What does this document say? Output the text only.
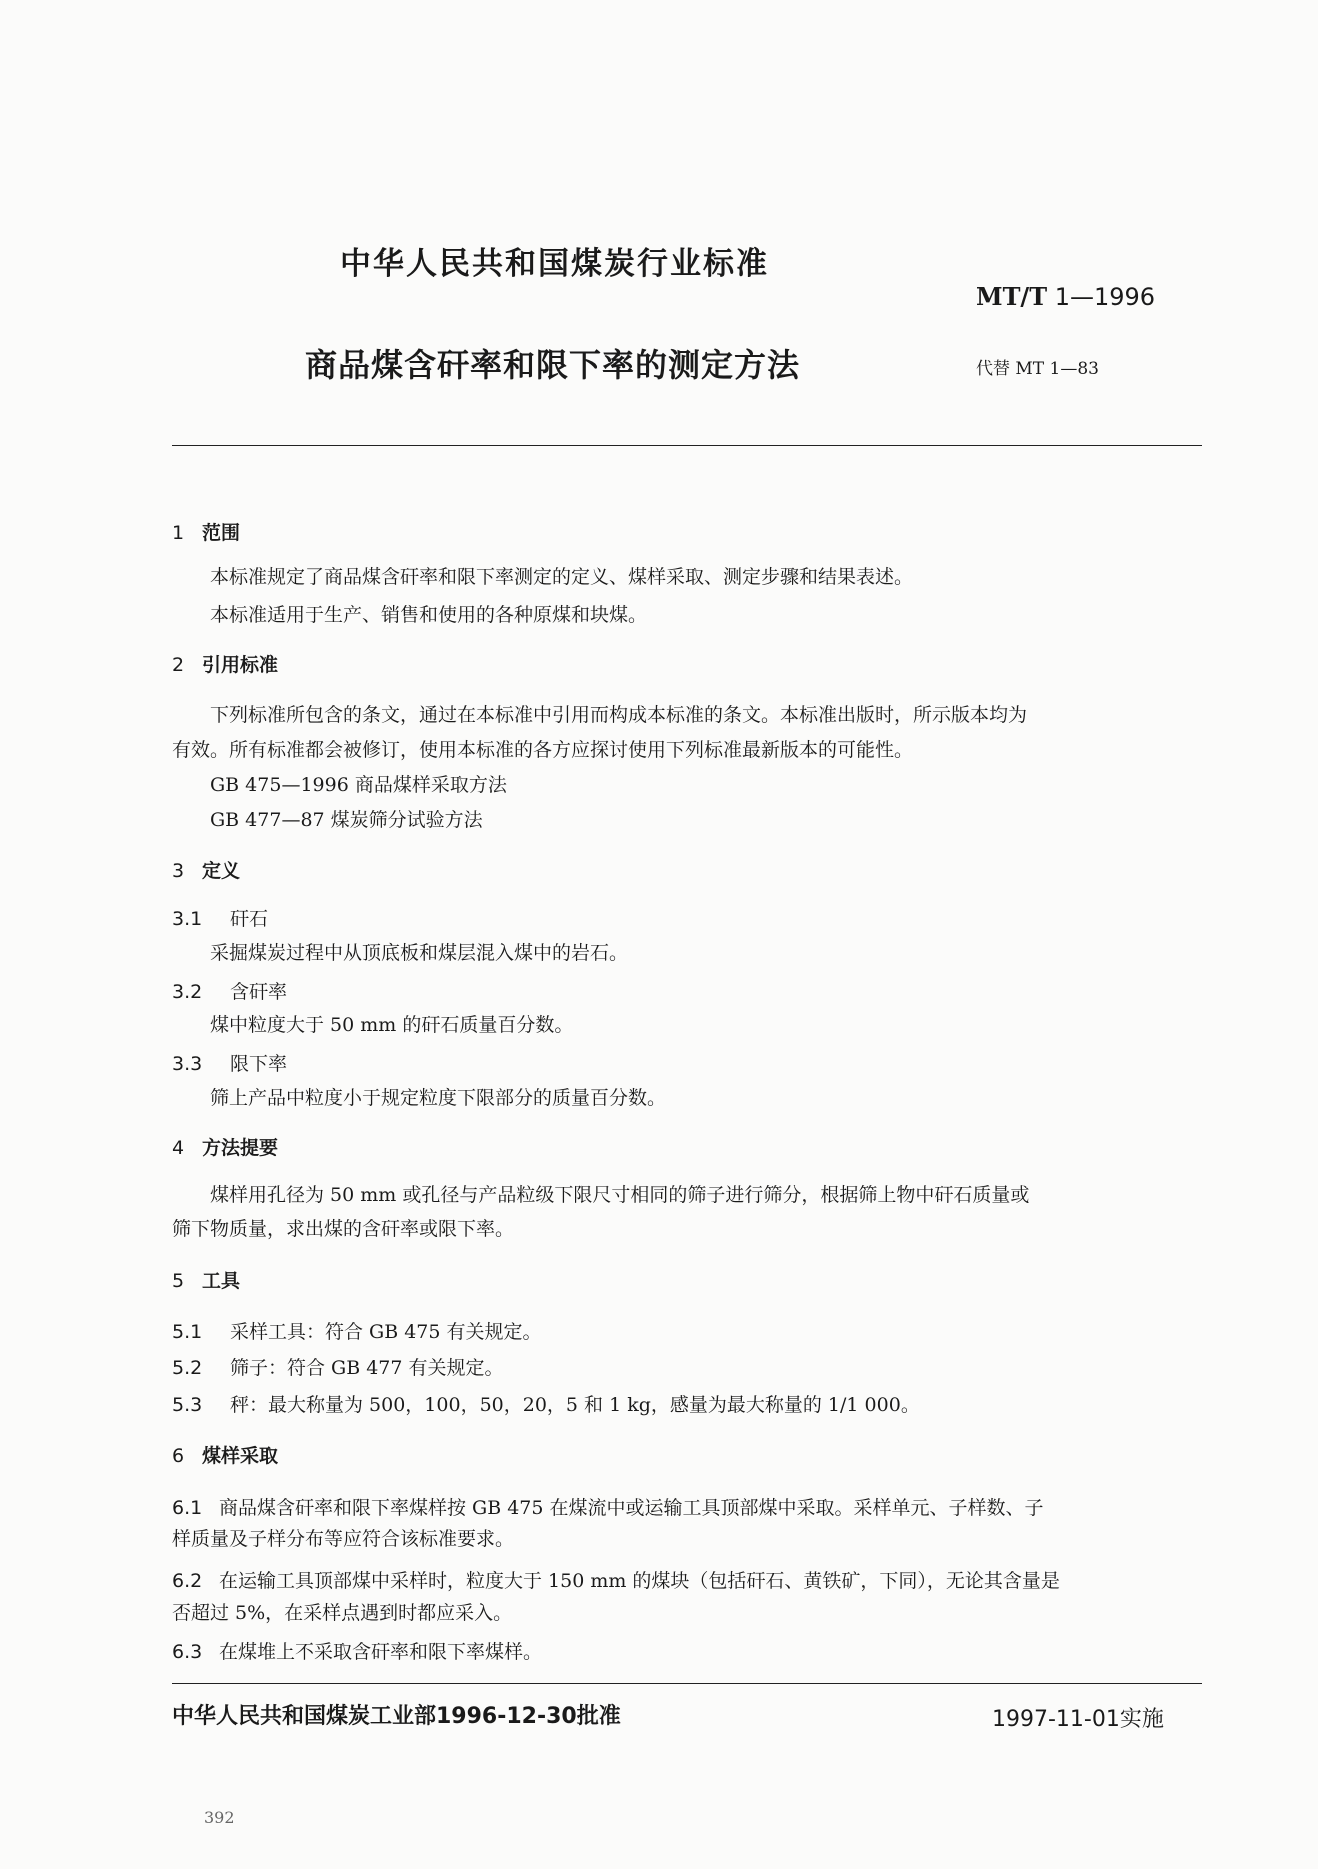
中华人民共和国煤炭行业标准
MT/T 1—1996
商品煤含矸率和限下率的测定方法	代替 MT 1—83
1 范围
本标准规定了商品煤含矸率和限下率测定的定义、煤样采取、测定步骤和结果表述。
本标准适用于生产、销售和使用的各种原煤和块煤。
2 引用标准
下列标准所包含的条文，通过在本标准中引用而构成本标准的条文。本标准出版时，所示版本均为
有效。所有标准都会被修订，使用本标准的各方应探讨使用下列标准最新版本的可能性。
GB 475—1996 商品煤样采取方法
GB 477—87 煤炭筛分试验方法
3 定义
3.1 矸石
采掘煤炭过程中从顶底板和煤层混入煤中的岩石。
3.2 含矸率
煤中粒度大于 50 mm 的矸石质量百分数。
3.3 限下率
筛上产品中粒度小于规定粒度下限部分的质量百分数。
4 方法提要
煤样用孔径为 50 mm 或孔径与产品粒级下限尺寸相同的筛子进行筛分，根据筛上物中矸石质量或
筛下物质量，求出煤的含矸率或限下率。
5 工具
5.1 采样工具：符合 GB 475 有关规定。
5.2 筛子：符合 GB 477 有关规定。
5.3 秤：最大称量为 500，100，50，20，5 和 1 kg，感量为最大称量的 1/1 000。
6 煤样采取
6.1 商品煤含矸率和限下率煤样按 GB 475 在煤流中或运输工具顶部煤中采取。采样单元、子样数、子
样质量及子样分布等应符合该标准要求。
6.2 在运输工具顶部煤中采样时，粒度大于 150 mm 的煤块（包括矸石、黄铁矿，下同），无论其含量是
否超过 5%，在采样点遇到时都应采入。
6.3 在煤堆上不采取含矸率和限下率煤样。
中华人民共和国煤炭工业部1996-12-30批准	1997-11-01实施
392
